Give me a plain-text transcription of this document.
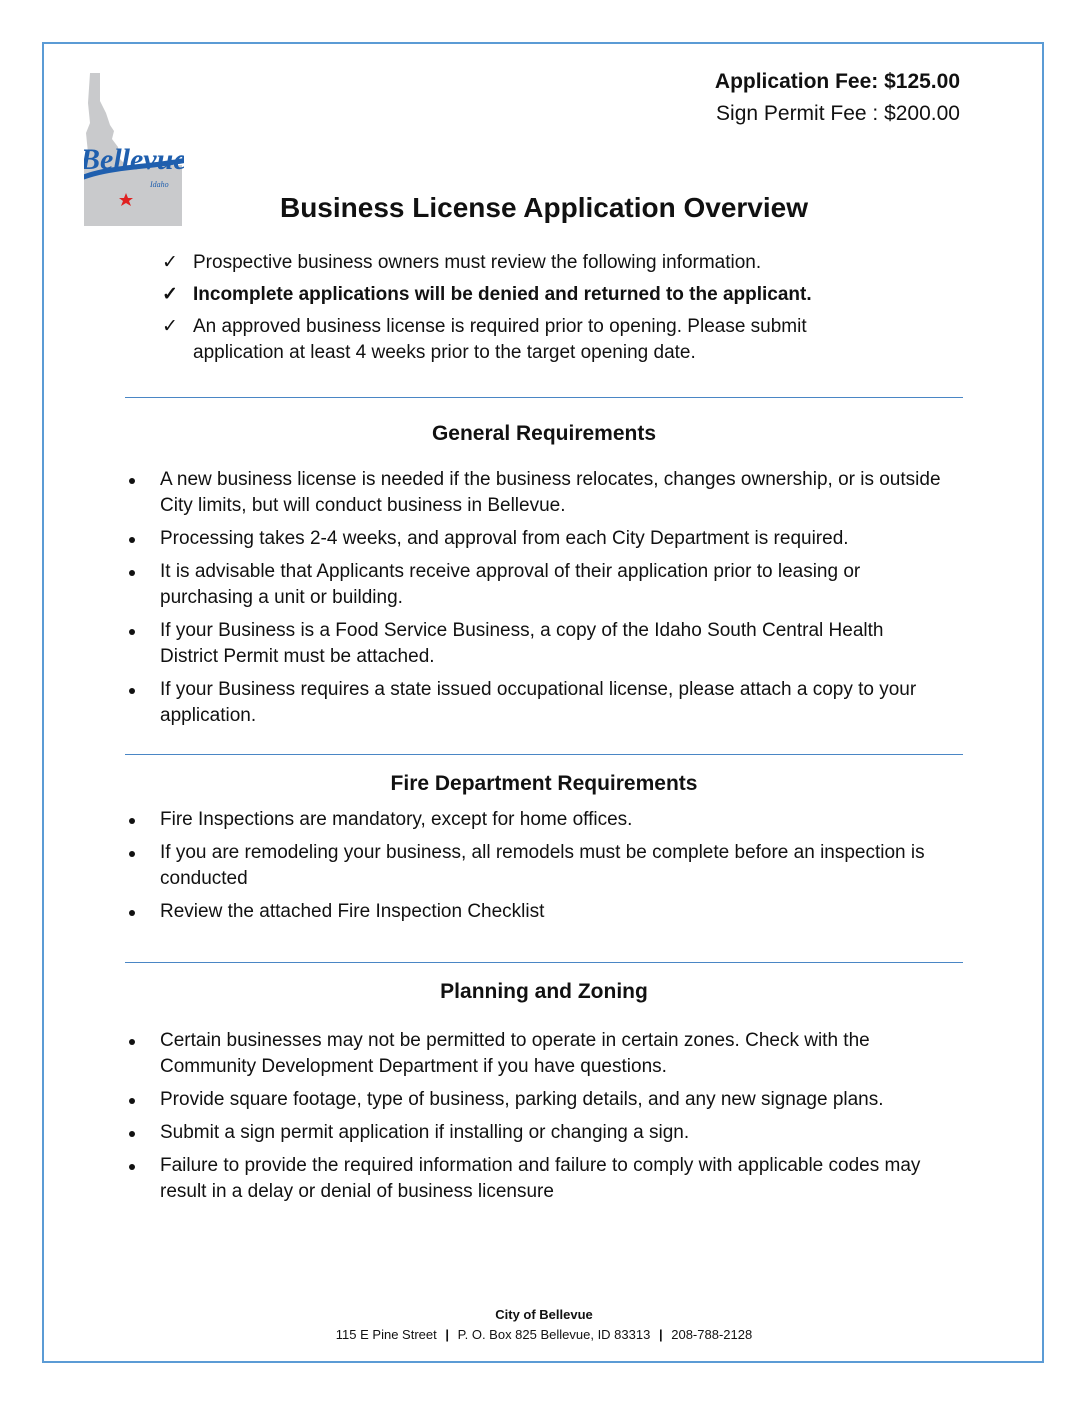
Bellevue
Idaho
Application Fee: $125.00
Sign Permit Fee : $200.00
Business License Application Overview
✓ Prospective business owners must review the following information.
✓ Incomplete applications will be denied and returned to the applicant.
✓ An approved business license is required prior to opening. Please submit application at least 4 weeks prior to the target opening date.
General Requirements
A new business license is needed if the business relocates, changes ownership, or is outside City limits, but will conduct business in Bellevue.
Processing takes 2-4 weeks, and approval from each City Department is required.
It is advisable that Applicants receive approval of their application prior to leasing or purchasing a unit or building.
If your Business is a Food Service Business, a copy of the Idaho South Central Health District Permit must be attached.
If your Business requires a state issued occupational license, please attach a copy to your application.
Fire Department Requirements
Fire Inspections are mandatory, except for home offices.
If you are remodeling your business, all remodels must be complete before an inspection is conducted
Review the attached Fire Inspection Checklist
Planning and Zoning
Certain businesses may not be permitted to operate in certain zones. Check with the Community Development Department if you have questions.
Provide square footage, type of business, parking details, and any new signage plans.
Submit a sign permit application if installing or changing a sign.
Failure to provide the required information and failure to comply with applicable codes may result in a delay or denial of business licensure
City of Bellevue
115 E Pine Street | P. O. Box 825 Bellevue, ID 83313 | 208-788-2128
